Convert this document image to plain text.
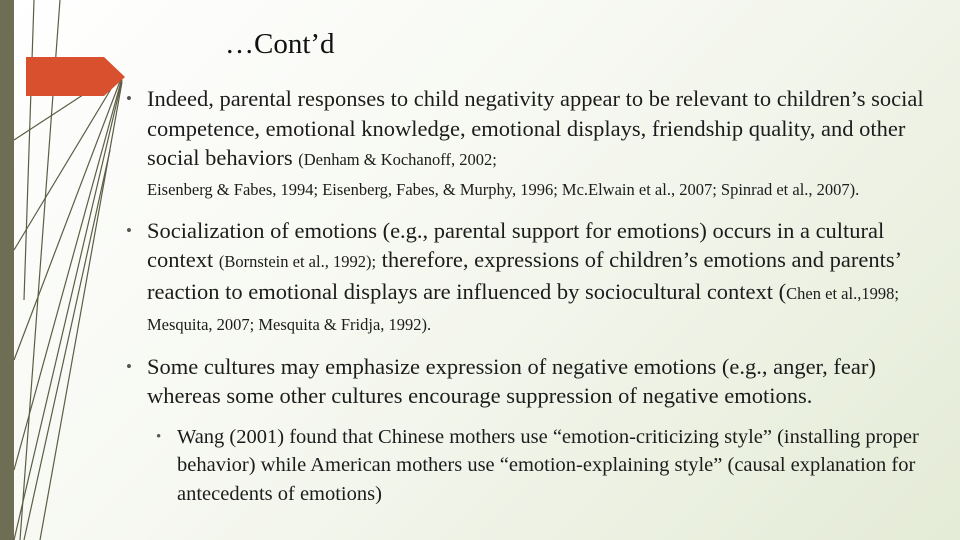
…Cont’d

• Indeed, parental responses to child negativity appear to be relevant to children’s social competence, emotional knowledge, emotional displays, friendship quality, and other social behaviors (Denham & Kochanoff, 2002;
Eisenberg & Fabes, 1994; Eisenberg, Fabes, & Murphy, 1996; Mc.Elwain et al., 2007; Spinrad et al., 2007).

• Socialization of emotions (e.g., parental support for emotions) occurs in a cultural context (Bornstein et al., 1992); therefore, expressions of children’s emotions and parents’ reaction to emotional displays are influenced by sociocultural context (Chen et al.,1998; Mesquita, 2007; Mesquita & Fridja, 1992).

• Some cultures may emphasize expression of negative emotions (e.g., anger, fear) whereas some other cultures encourage suppression of negative emotions.

• Wang (2001) found that Chinese mothers use “emotion-criticizing style” (installing proper behavior) while American mothers use “emotion-explaining style” (causal explanation for antecedents of emotions)
